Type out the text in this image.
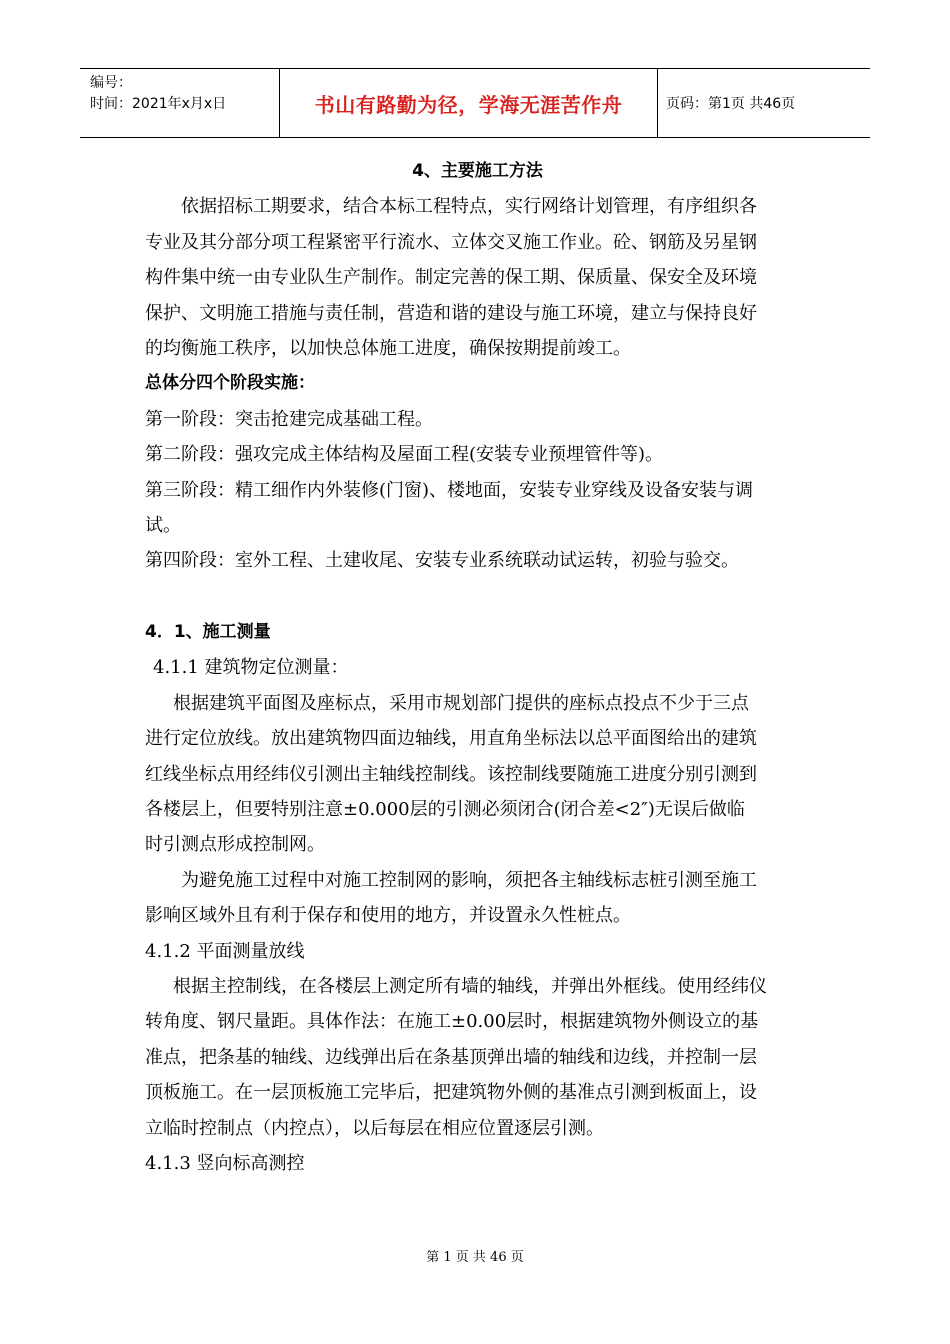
编号：
时间：2021年x月x日	书山有路勤为径，学海无涯苦作舟	页码：第1页 共46页
4、主要施工方法
依据招标工期要求，结合本标工程特点，实行网络计划管理，有序组织各
专业及其分部分项工程紧密平行流水、立体交叉施工作业。砼、钢筋及另星钢
构件集中统一由专业队生产制作。制定完善的保工期、保质量、保安全及环境
保护、文明施工措施与责任制，营造和谐的建设与施工环境，建立与保持良好
的均衡施工秩序，以加快总体施工进度，确保按期提前竣工。
总体分四个阶段实施：
第一阶段：突击抢建完成基础工程。
第二阶段：强攻完成主体结构及屋面工程(安装专业预埋管件等)。
第三阶段：精工细作内外装修(门窗)、楼地面，安装专业穿线及设备安装与调
试。
第四阶段：室外工程、土建收尾、安装专业系统联动试运转，初验与验交。
4．1、施工测量
4.1.1 建筑物定位测量：
根据建筑平面图及座标点，采用市规划部门提供的座标点投点不少于三点
进行定位放线。放出建筑物四面边轴线，用直角坐标法以总平面图给出的建筑
红线坐标点用经纬仪引测出主轴线控制线。该控制线要随施工进度分别引测到
各楼层上，但要特别注意±0.000层的引测必须闭合(闭合差<2″)无误后做临
时引测点形成控制网。
为避免施工过程中对施工控制网的影响，须把各主轴线标志桩引测至施工
影响区域外且有利于保存和使用的地方，并设置永久性桩点。
4.1.2 平面测量放线
根据主控制线，在各楼层上测定所有墙的轴线，并弹出外框线。使用经纬仪
转角度、钢尺量距。具体作法：在施工±0.00层时，根据建筑物外侧设立的基
准点，把条基的轴线、边线弹出后在条基顶弹出墙的轴线和边线，并控制一层
顶板施工。在一层顶板施工完毕后，把建筑物外侧的基准点引测到板面上，设
立临时控制点（内控点），以后每层在相应位置逐层引测。
4.1.3 竖向标高测控
第 1 页 共 46 页
